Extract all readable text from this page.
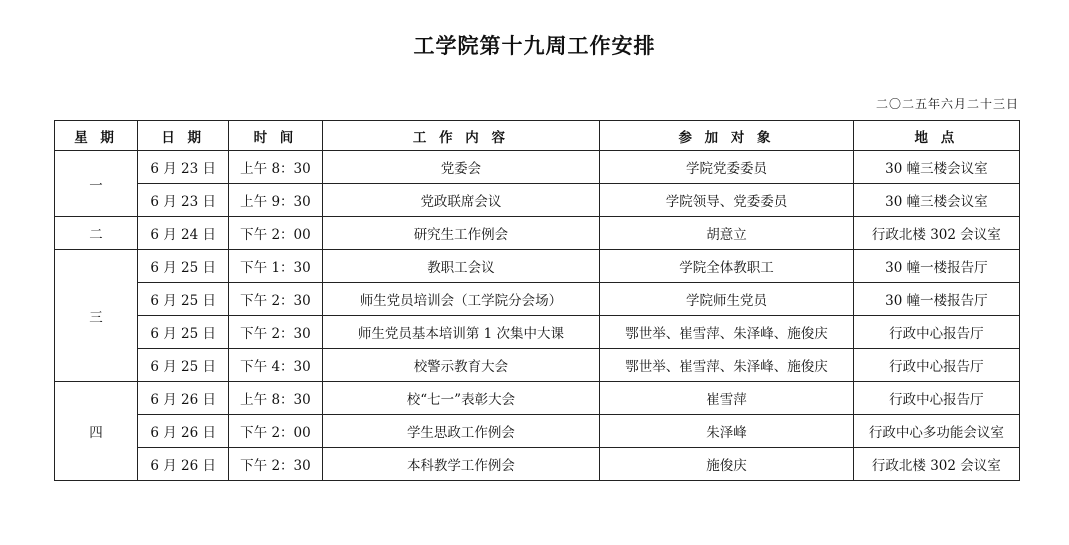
工学院第十九周工作安排
二〇二五年六月二十三日
星 期	日 期	时 间	工 作 内 容	参 加 对 象	地 点
一	6 月 23 日	上午 8：30	党委会	学院党委委员	30 幢三楼会议室
	6 月 23 日	上午 9：30	党政联席会议	学院领导、党委委员	30 幢三楼会议室
二	6 月 24 日	下午 2：00	研究生工作例会	胡意立	行政北楼 302 会议室
三	6 月 25 日	下午 1：30	教职工会议	学院全体教职工	30 幢一楼报告厅
	6 月 25 日	下午 2：30	师生党员培训会（工学院分会场）	学院师生党员	30 幢一楼报告厅
	6 月 25 日	下午 2：30	师生党员基本培训第 1 次集中大课	鄂世举、崔雪萍、朱泽峰、施俊庆	行政中心报告厅
	6 月 25 日	下午 4：30	校警示教育大会	鄂世举、崔雪萍、朱泽峰、施俊庆	行政中心报告厅
四	6 月 26 日	上午 8：30	校“七一”表彰大会	崔雪萍	行政中心报告厅
	6 月 26 日	下午 2：00	学生思政工作例会	朱泽峰	行政中心多功能会议室
	6 月 26 日	下午 2：30	本科教学工作例会	施俊庆	行政北楼 302 会议室
